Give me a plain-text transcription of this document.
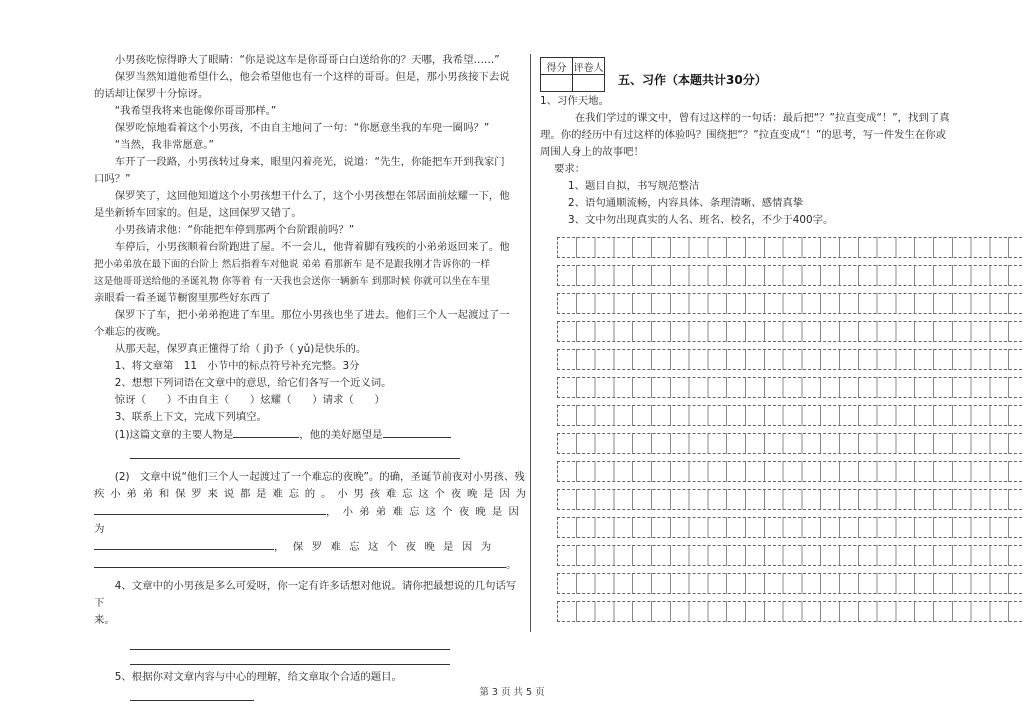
小男孩吃惊得睁大了眼睛：“你是说这车是你哥哥白白送给你的？天哪，我希望……”

保罗当然知道他希望什么，他会希望他也有一个这样的哥哥。但是，那小男孩接下去说

的话却让保罗十分惊讶。

“我希望我将来也能像你哥哥那样。”

保罗吃惊地看着这个小男孩，不由自主地问了一句：“你愿意坐我的车兜一圈吗？”

“当然，我非常愿意。”

车开了一段路，小男孩转过身来，眼里闪着亮光，说道：“先生，你能把车开到我家门

口吗？”

保罗笑了，这回他知道这个小男孩想干什么了，这个小男孩想在邻居面前炫耀一下，他

是坐新轿车回家的。但是，这回保罗又错了。

小男孩请求他：“你能把车停到那两个台阶跟前吗？”

车停后，小男孩顺着台阶跑进了屋。不一会儿，他背着脚有残疾的小弟弟返回来了。他

把小弟弟放在最下面的台阶上 然后指着车对他说 弟弟 看那新车 是不是跟我刚才告诉你的一样

这是他哥哥送给他的圣诞礼物 你等着 有一天我也会送你一辆新车 到那时候 你就可以坐在车里

亲眼看一看圣诞节橱窗里那些好东西了

保罗下了车，把小弟弟抱进了车里。那位小男孩也坐了进去。他们三个人一起渡过了一

个难忘的夜晚。

从那天起，保罗真正懂得了给（ jǐ)予（ yǔ)是快乐的。

1、将文章第　11　小节中的标点符号补充完整。3分

2、想想下列词语在文章中的意思，给它们各写一个近义词。

惊讶（　　）不由自主（　　）炫耀（　　）请求（　　）

3、联系上下文，完成下列填空。

(1)这篇文章的主要人物是	，他的美好愿望是

(2)　文章中说“他们三个人一起渡过了一个难忘的夜晚”。的确，圣诞节前夜对小男孩、残

疾小弟弟和保罗来说都是难忘的。小男孩难忘这个夜晚是因为

，小弟弟难忘这个夜晚是因为

，保罗难忘这个夜晚是因为

。

4、文章中的小男孩是多么可爱呀，你一定有许多话想对他说。请你把最想说的几句话写下

来。

5、根据你对文章内容与中心的理解，给文章取个合适的题目。

得分	评卷人

五、习作（本题共计30分）

1、习作天地。

在我们学过的课文中，曾有过这样的一句话：最后把“？”拉直变成“！”，找到了真

理。你的经历中有过这样的体验吗？围绕把“？”拉直变成“！”的思考，写一件发生在你或

周围人身上的故事吧！

要求：

1、题目自拟，书写规范整洁

2、语句通顺流畅，内容具体、条理清晰、感情真挚

3、文中勿出现真实的人名、班名、校名，不少于400字。

第 3 页 共 5 页
